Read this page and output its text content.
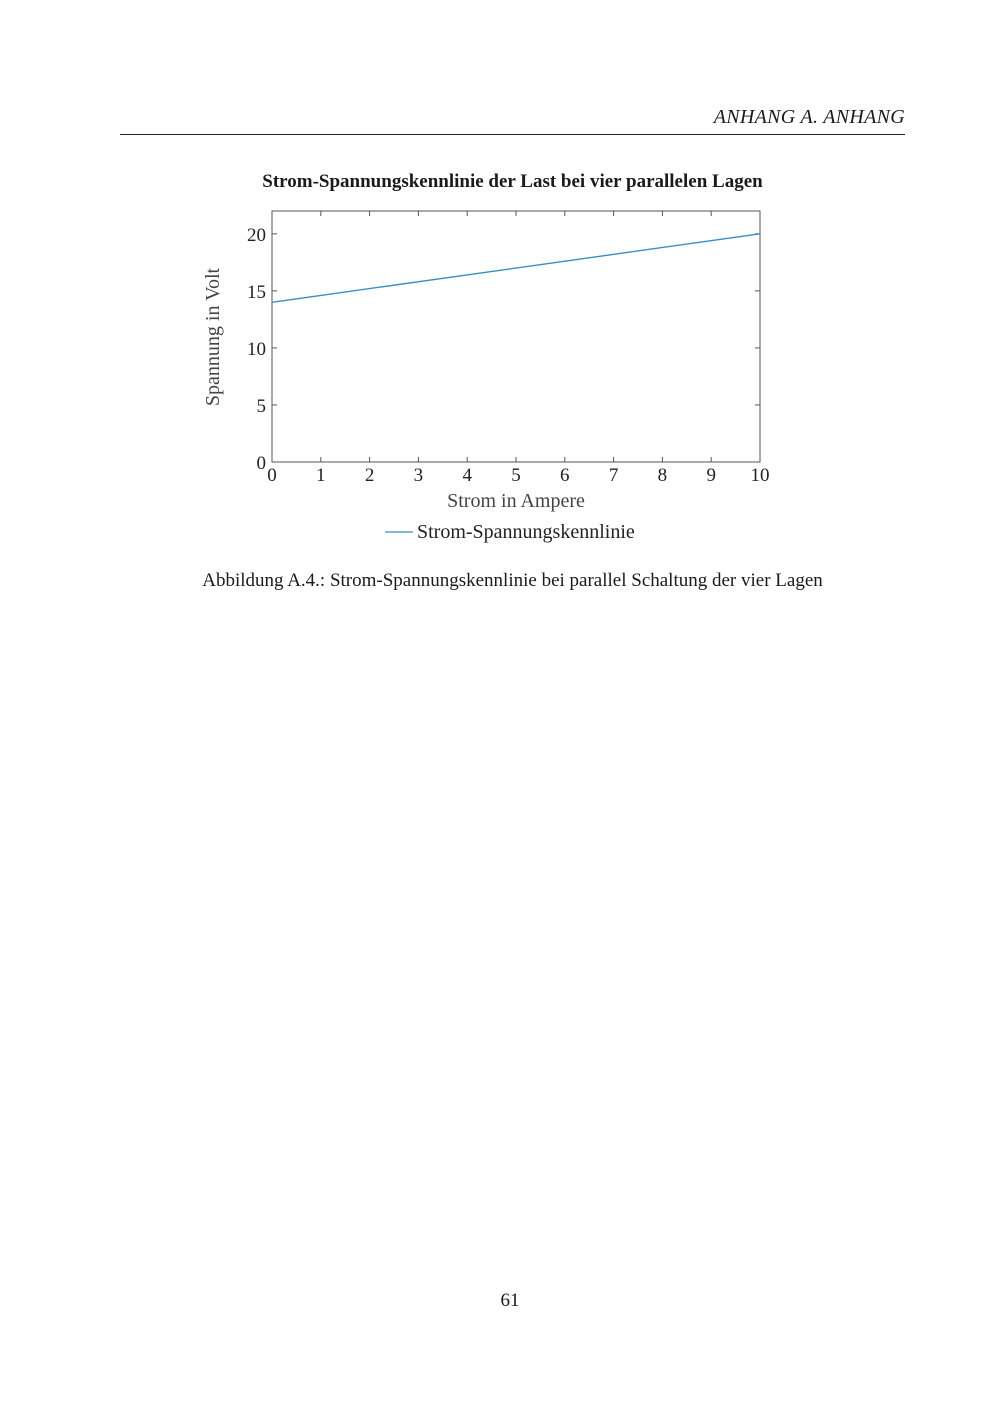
ANHANG A. ANHANG
Strom-Spannungskennlinie der Last bei vier parallelen Lagen
0 1 2 3 4 5 6 7 8 9 10
0
5
10
15
20
Strom in Ampere
Spannung in Volt
Strom-Spannungskennlinie
Abbildung A.4.: Strom-Spannungskennlinie bei parallel Schaltung der vier Lagen
61
